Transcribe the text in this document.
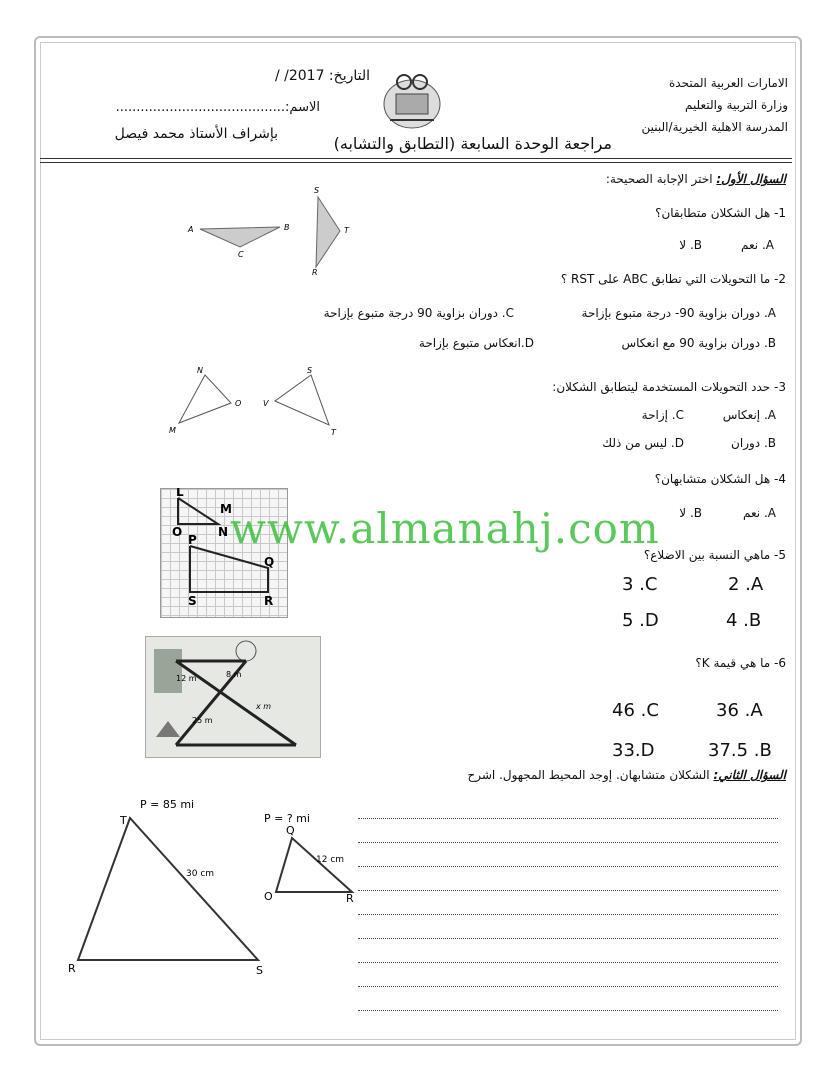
الامارات العربية المتحدة
وزارة التربية والتعليم
المدرسة الاهلية الخيرية/البنين
التاريخ: 2017/ /
الاسم:.........................................
بإشراف الأستاذ محمد فيصل	مراجعة الوحدة السابعة (التطابق والتشابه)
السؤال الأول: اختر الإجابة الصحيحة:
1- هل الشكلان متطابقان؟
A. نعم
B. لا
A	B
C
S
T
R	2- ما التحويلات التي تطابق ABC على RST ؟
A. دوران بزاوية 90- درجة متبوع بإزاحة
C. دوران بزاوية 90 درجة متبوع بإزاحة
B. دوران بزاوية 90 مع انعكاس
D.انعكاس متبوع بإزاحة
N
O
M
S
V
T
3- حدد التحويلات المستخدمة ليتطابق الشكلان:
A. إنعكاس
C. إزاحة
B. دوران
D. ليس من ذلك
L
M
O	N
P
Q
S	R
4- هل الشكلان متشابهان؟
A. نعم
B. لا
www.almanahj.com
5- ماهي النسبة بين الاضلاع؟
2 .A
3 .C
4 .B
5 .D
12 m	8 m
25 m
x m
6- ما هي قيمة K؟
36 .A
46 .C
37.5 .B
33.D
السؤال الثاني: الشكلان متشابهان. إوجد المحيط المجهول. اشرح
P = 85 mi
30 cm
T
R	S
P = ? mi
12 cm
Q
O	R
